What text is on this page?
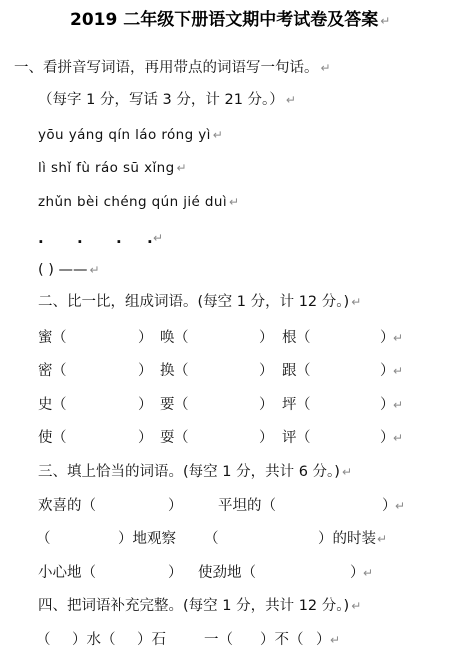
2019 二年级下册语文期中考试卷及答案 ↵
一、看拼音写词语，再用带点的词语写一句话。 ↵
（每字 1 分，写话 3 分，计 21 分。） ↵
yōu yáng qín láo róng yì ↵
lì shǐ fù ráo sū xǐng ↵
zhǔn bèi chéng qún jié duì ↵
. . . . ↵
( ) —— ↵
二、比一比，组成词语。(每空 1 分，计 12 分。) ↵
蜜 （	） 唤 （	） 根 （	）
↵
密 （	） 换 （	） 跟 （	）
↵
史 （	） 要 （	） 坪 （	）
↵
使 （	） 耍 （	） 评 （	）
↵
三、填上恰当的词语。(每空 1 分，共计 6 分。) ↵
欢喜的（	） 平坦的（	）
↵
（	）地观察 （	）的时装 ↵
小心地（	） 使劲地（	）
↵
四、把词语补充完整。(每空 1 分，共计 12 分。) ↵
（ ）水（ ）石	一（ ）不（ ） ↵
